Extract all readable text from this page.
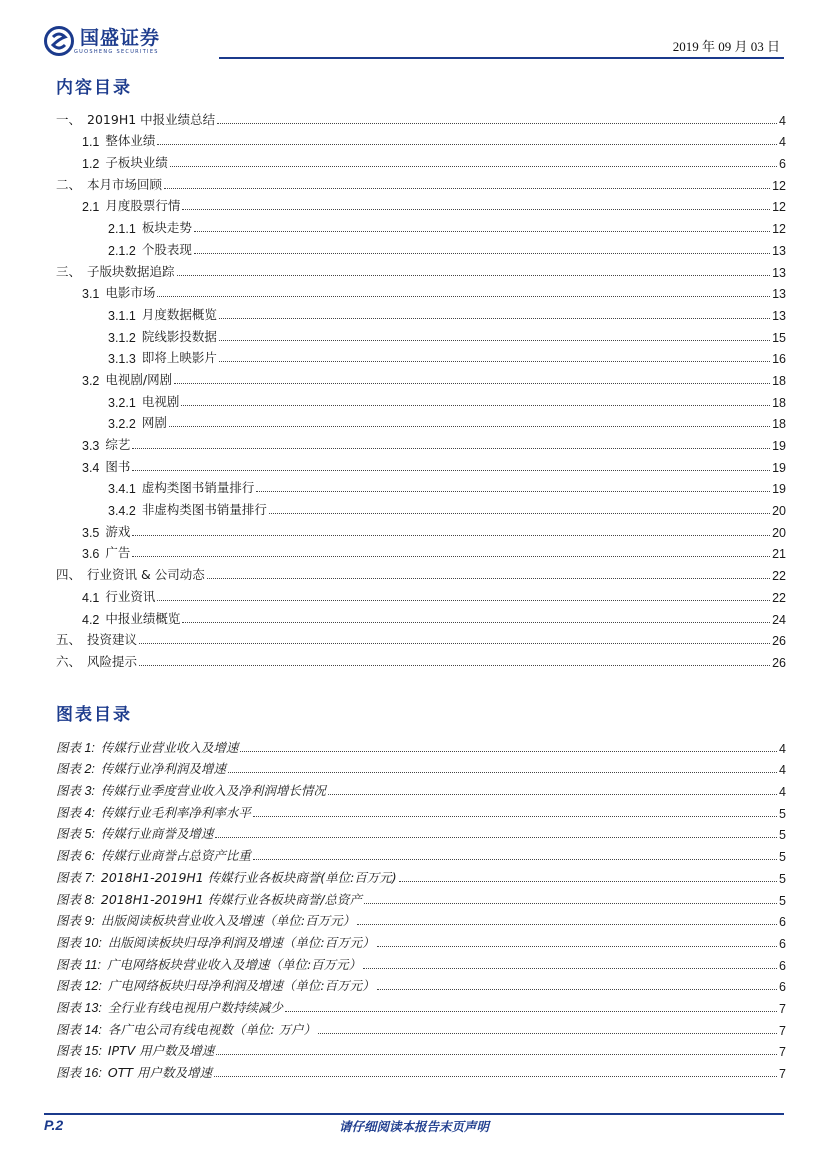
国盛证券
GUOSHENG SECURITIES	2019 年 09 月 03 日
内容目录
一、 2019H1 中报业绩总结	4
1.1 整体业绩	4
1.2 子板块业绩	6
二、 本月市场回顾	12
2.1 月度股票行情	12
2.1.1 板块走势	12
2.1.2 个股表现	13
三、 子版块数据追踪	13
3.1 电影市场	13
3.1.1 月度数据概览	13
3.1.2 院线影投数据	15
3.1.3 即将上映影片	16
3.2 电视剧/网剧	18
3.2.1 电视剧	18
3.2.2 网剧	18
3.3 综艺	19
3.4 图书	19
3.4.1 虚构类图书销量排行	19
3.4.2 非虚构类图书销量排行	20
3.5 游戏	20
3.6 广告	21
四、 行业资讯 & 公司动态	22
4.1 行业资讯	22
4.2 中报业绩概览	24
五、 投资建议	26
六、 风险提示	26
图表目录
图表 1: 传媒行业营业收入及增速	4
图表 2: 传媒行业净利润及增速	4
图表 3: 传媒行业季度营业收入及净利润增长情况	4
图表 4: 传媒行业毛利率净利率水平	5
图表 5: 传媒行业商誉及增速	5
图表 6: 传媒行业商誉占总资产比重	5
图表 7: 2018H1-2019H1 传媒行业各板块商誉(单位:百万元)	5
图表 8: 2018H1-2019H1 传媒行业各板块商誉/总资产	5
图表 9: 出版阅读板块营业收入及增速（单位:百万元）	6
图表 10: 出版阅读板块归母净利润及增速（单位:百万元）	6
图表 11: 广电网络板块营业收入及增速（单位:百万元）	6
图表 12: 广电网络板块归母净利润及增速（单位:百万元）	6
图表 13: 全行业有线电视用户数持续减少	7
图表 14: 各广电公司有线电视数（单位: 万户）	7
图表 15: IPTV 用户数及增速	7
图表 16: OTT 用户数及增速	7
P.2	请仔细阅读本报告末页声明
